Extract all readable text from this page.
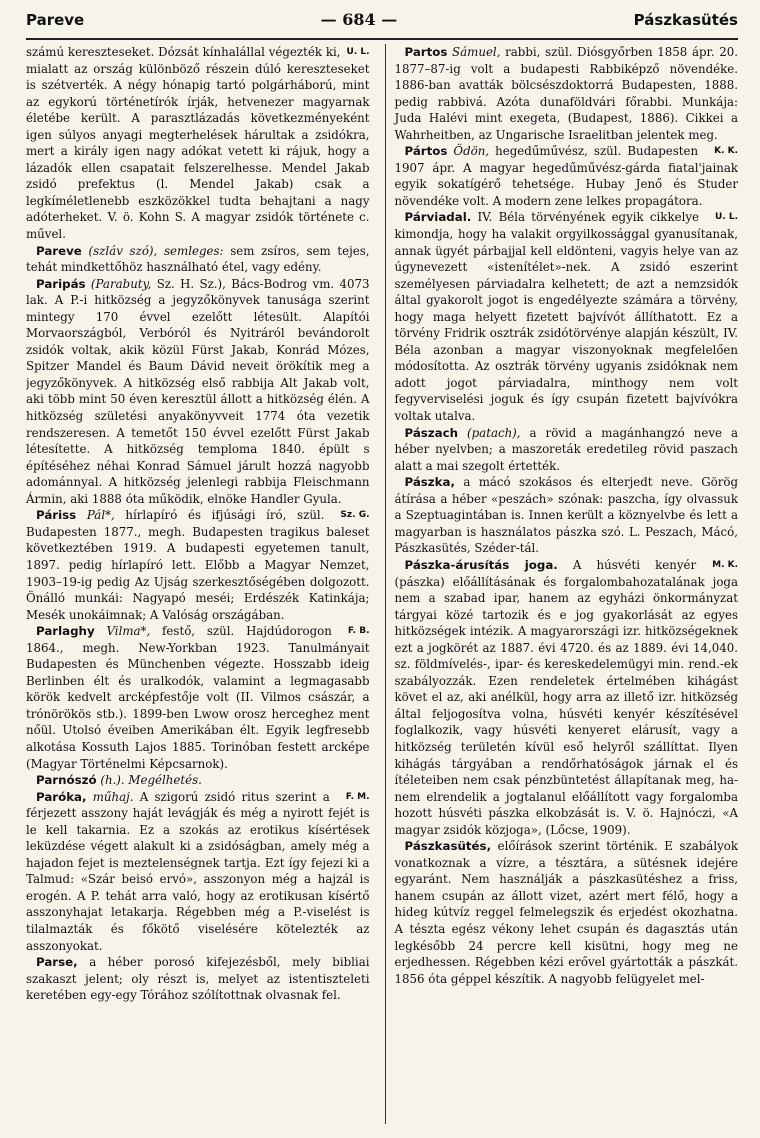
Pareve	— 684 —	Pászkasütés

U. L.
számú kereszteseket. Dózsát kínhalállal végezték ki, mialatt az ország különböző részein dúló kereszteseket is szétverték. A négy hónapig tartó polgárháború, mint az egykorú történetírók írják, hetvenezer magyarnak életébe került. A parasztlázadás következményeként igen súlyos anyagi megterhelések hárultak a zsidókra, mert a király igen nagy adókat vetett ki rájuk, hogy a lázadók ellen csapatait felszerelhesse. Mendel Jakab zsidó prefektus (l. Mendel Jakab) csak a legkíméletlenebb eszközökkel tudta behajtani a nagy adóterheket. V. ö. Kohn S. A magyar zsidók története c. művel.

Pareve (szláv szó), semleges: sem zsíros, sem tejes, tehát mindkettőhöz használható étel, vagy edény.

Paripás (Parabuty, Sz. H. Sz.), Bács-Bodrog vm. 4073 lak. A P.-i hitközség a jegyzőkönyvek tanusága szerint mintegy 170 évvel ezelőtt létesült. Alapítói Morvaországból, Verbóról és Nyitráról bevándorolt zsidók voltak, akik közül Fürst Jakab, Konrád Mózes, Spitzer Mandel és Baum Dávid neveit örökítik meg a jegyzőkönyvek. A hitközség első rabbija Alt Jakab volt, aki több mint 50 éven keresztül állott a hitközség élén. A hitközség születési anyakönyvveit 1774 óta vezetik rendszeresen. A temetőt 150 évvel ezelőtt Fürst Jakab létesítette. A hitközség temploma 1840. épült s építéséhez néhai Konrad Sámuel járult hozzá nagyobb adománnyal. A hitközség jelenlegi rabbija Fleischmann Ármin, aki 1888 óta működik, elnöke Handler Gyula.

Sz. G.
Páriss Pál*, hírlapíró és ifjúsági író, szül. Budapesten 1877., megh. Budapesten tragikus baleset következtében 1919. A budapesti egyetemen tanult, 1897. pedig hírlapíró lett. Előbb a Magyar Nemzet, 1903–19-ig pedig Az Ujság szerkesztőségében dolgozott. Önálló munkái: Nagyapó meséi; Erdészék Katinkája; Mesék unokáimnak; A Valóság országában.

F. B.
Parlaghy Vilma*, festő, szül. Hajdúdorogon 1864., megh. New-Yorkban 1923. Tanulmányait Budapesten és Münchenben végezte. Hosszabb ideig Berlinben élt és uralkodók, valamint a legmagasabb körök kedvelt arcképfestője volt (II. Vilmos császár, a trónörökös stb.). 1899-ben Lwow orosz herceghez ment nőül. Utolsó éveiben Amerikában élt. Egyik legfresebb alkotása Kossuth Lajos 1885. Torinóban festett arcképe (Magyar Történelmi Képcsarnok).

Parnószó (h.). Megélhetés.

F. M.
Paróka, műhaj. A szigorú zsidó ritus szerint a férjezett asszony haját levágják és még a nyirott fejét is le kell takarnia. Ez a szokás az erotikus kísértések leküzdése végett alakult ki a zsidóságban, amely még a hajadon fejet is meztelenségnek tartja. Ezt így fejezi ki a Talmud: «Szár beisó ervó», asszonyon még a hajzál is erogén. A P. tehát arra való, hogy az erotikusan kísértő asszonyhajat letakarja. Régebben még a P.-viselést is tilalmazták és főkötő viselésére kötelezték az asszonyokat.

Parse, a héber porosó kifejezésből, mely bibliai szakaszt jelent; oly részt is, melyet az istentiszteleti keretében egy-egy Tórához szólítottnak olvasnak fel.

Partos Sámuel, rabbi, szül. Diósgyőrben 1858 ápr. 20. 1877–87-ig volt a budapesti Rabbiképző növendéke. 1886-ban avatták bölcsészdoktorrá Budapesten, 1888. pedig rabbivá. Azóta dunaföldvári főrabbi. Munkája: Juda Halévi mint exegeta, (Budapest, 1886). Cikkei a Wahrheitben, az Ungarische Israelitban jelentek meg.

K. K.
Pártos Ödön, hegedűművész, szül. Budapesten 1907 ápr. A magyar hegedűművész-gárda fiatal'jainak egyik sokatígérő tehetsége. Hubay Jenő és Studer növendéke volt. A modern zene lelkes propagátora.

U. L.
Párviadal. IV. Béla törvényének egyik cikkelye kimondja, hogy ha valakit orgyilkossággal gyanusítanak, annak ügyét párbajjal kell eldönteni, vagyis helye van az úgynevezett «istenítélet»-nek. A zsidó eszerint személyesen párviadalra kelhetett; de azt a nemzsidók által gyakorolt jogot is engedélyezte számára a törvény, hogy maga helyett fizetett bajvívót állíthatott. Ez a törvény Fridrik osztrák zsidótörvénye alapján készült, IV. Béla azonban a magyar viszonyoknak megfelelően módosította. Az osztrák törvény ugyanis zsidóknak nem adott jogot párviadalra, minthogy nem volt fegyverviselési joguk és így csupán fizetett bajvívókra voltak utalva.

Pászach (patach), a rövid a magánhangzó neve a héber nyelvben; a maszoreták eredetileg rövid paszach alatt a mai szegolt értették.

Pászka, a mácó szokásos és elterjedt neve. Görög átírása a héber «peszách» szónak: paszcha, így olvassuk a Szeptuagintában is. Innen került a köznyelvbe és lett a magyarban is használatos pászka szó. L. Peszach, Mácó, Pászkasütés, Széder-tál.

M. K.
Pászka-árusítás joga. A húsvéti kenyér (pászka) előállításának és forgalombahozatalának joga nem a szabad ipar, hanem az egyházi önkormányzat tárgyai közé tartozik és e jog gyakorlását az egyes hitközségek intézik. A magyarországi izr. hitközségeknek ezt a jogkörét az 1887. évi 4720. és az 1889. évi 14,040. sz. földmívelés-, ipar- és kereskedelemügyi min. rend.-ek szabályozzák. Ezen rendeletek értelmében kihágást követ el az, aki anélkül, hogy arra az illető izr. hitközség által feljogosítva volna, húsvéti kenyér készítésével foglalkozik, vagy húsvéti kenyeret elárusít, vagy a hitközség területén kívül eső helyről szállíttat. Ilyen kihágás tárgyában a rendőrhatóságok járnak el és ítéleteiben nem csak pénzbüntetést állapítanak meg, hanem elrendelik a jogtalanul előállított vagy forgalomba hozott húsvéti pászka elkobzását is. V. ö. Hajnóczi, «A magyar zsidók közjoga», (Lőcse, 1909).

Pászkasütés, előírások szerint történik. E szabályok vonatkoznak a vízre, a tésztára, a sütésnek idejére egyaránt. Nem használják a pászkasütéshez a friss, hanem csupán az állott vizet, azért mert félő, hogy a hideg kútvíz reggel felmelegszik és erjedést okozhatna. A tészta egész vékony lehet csupán és dagasztás után legkésőbb 24 percre kell kisütni, hogy meg ne erjedhessen. Régebben kézi erővel gyártották a pászkát. 1856 óta géppel készítik. A nagyobb felügyelet mel-
